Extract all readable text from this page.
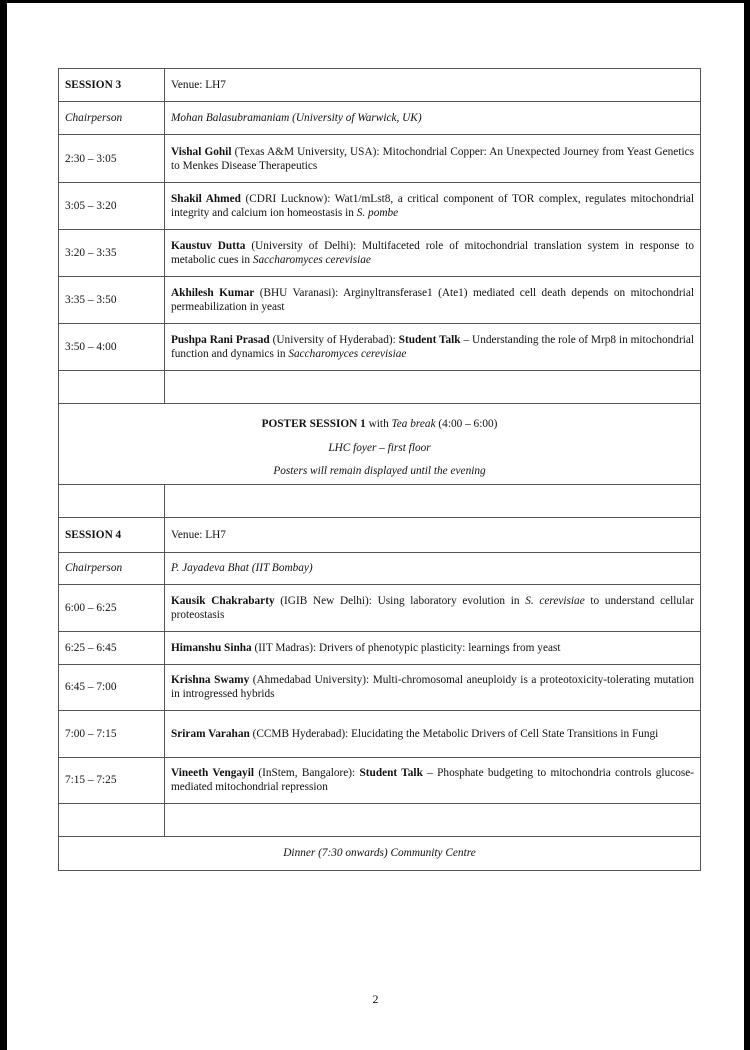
SESSION 3	Venue: LH7
Chairperson	Mohan Balasubramaniam (University of Warwick, UK)
2:30 – 3:05	Vishal Gohil (Texas A&M University, USA): Mitochondrial Copper: An Unexpected Journey from Yeast Genetics to Menkes Disease Therapeutics
3:05 – 3:20	Shakil Ahmed (CDRI Lucknow): Wat1/mLst8, a critical component of TOR complex, regulates mitochondrial integrity and calcium ion homeostasis in S. pombe
3:20 – 3:35	Kaustuv Dutta (University of Delhi): Multifaceted role of mitochondrial translation system in response to metabolic cues in Saccharomyces cerevisiae
3:35 – 3:50	Akhilesh Kumar (BHU Varanasi): Arginyltransferase1 (Ate1) mediated cell death depends on mitochondrial permeabilization in yeast
3:50 – 4:00	Pushpa Rani Prasad (University of Hyderabad): Student Talk – Understanding the role of Mrp8 in mitochondrial function and dynamics in Saccharomyces cerevisiae

POSTER SESSION 1 with Tea break (4:00 – 6:00)
LHC foyer – first floor
Posters will remain displayed until the evening	

SESSION 4	Venue: LH7
Chairperson	P. Jayadeva Bhat (IIT Bombay)
6:00 – 6:25	Kausik Chakrabarty (IGIB New Delhi): Using laboratory evolution in S. cerevisiae to understand cellular proteostasis
6:25 – 6:45	Himanshu Sinha (IIT Madras): Drivers of phenotypic plasticity: learnings from yeast
6:45 – 7:00	Krishna Swamy (Ahmedabad University): Multi-chromosomal aneuploidy is a proteotoxicity-tolerating mutation in introgressed hybrids
7:00 – 7:15	Sriram Varahan (CCMB Hyderabad): Elucidating the Metabolic Drivers of Cell State Transitions in Fungi
7:15 – 7:25	Vineeth Vengayil (InStem, Bangalore): Student Talk – Phosphate budgeting to mitochondria controls glucose-mediated mitochondrial repression

Dinner (7:30 onwards) Community Centre	
2
